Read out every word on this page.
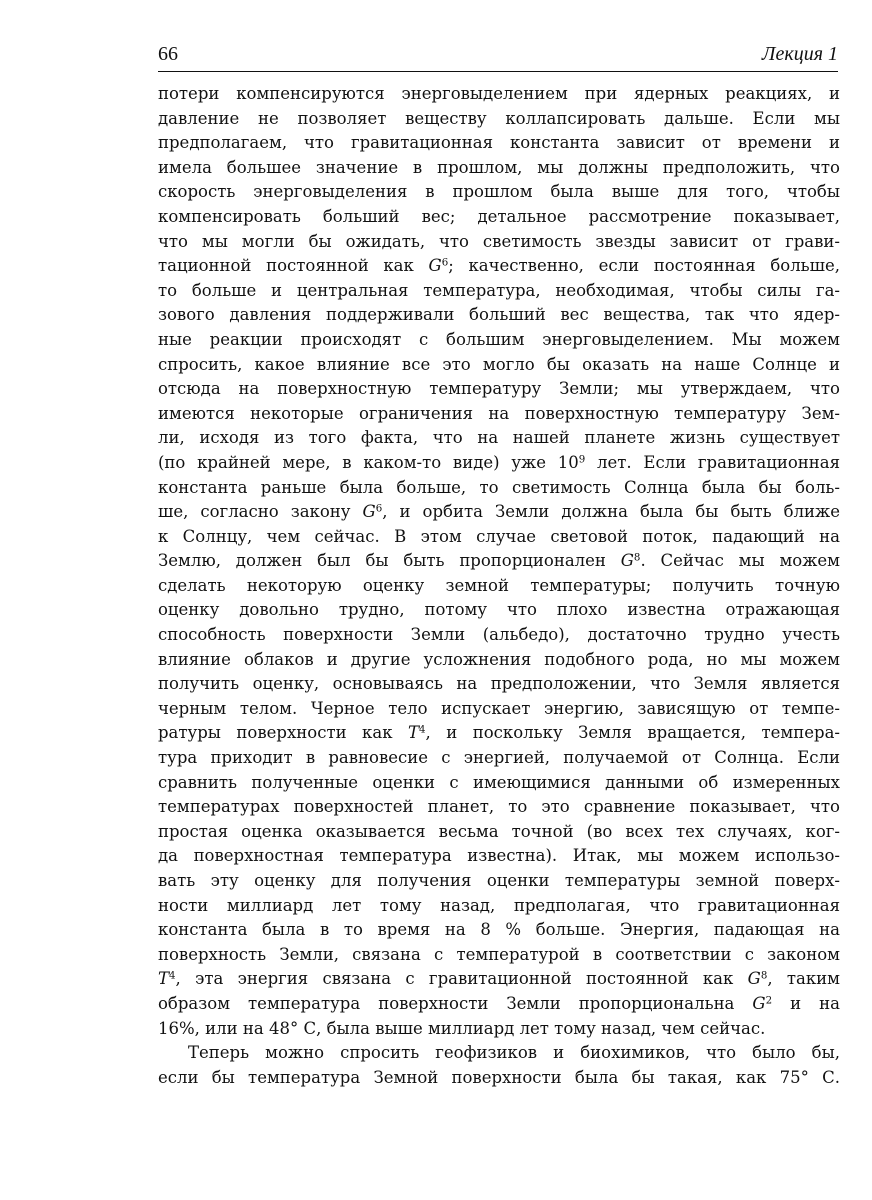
66	Лекция 1
потери компенсируются энерговыделением при ядерных реакциях, и
давление не позволяет веществу коллапсировать дальше. Если мы
предполагаем, что гравитационная константа зависит от времени и
имела большее значение в прошлом, мы должны предположить, что
скорость энерговыделения в прошлом была выше для того, чтобы
компенсировать больший вес; детальное рассмотрение показывает,
что мы могли бы ожидать, что светимость звезды зависит от грави-
тационной постоянной как $G^6$; качественно, если постоянная больше,
то больше и центральная температура, необходимая, чтобы силы га-
зового давления поддерживали больший вес вещества, так что ядер-
ные реакции происходят с большим энерговыделением. Мы можем
спросить, какое влияние все это могло бы оказать на наше Солнце и
отсюда на поверхностную температуру Земли; мы утверждаем, что
имеются некоторые ограничения на поверхностную температуру Зем-
ли, исходя из того факта, что на нашей планете жизнь существует
(по крайней мере, в каком-то виде) уже $10^9$ лет. Если гравитационная
константа раньше была больше, то светимость Солнца была бы боль-
ше, согласно закону $G^6$, и орбита Земли должна была бы быть ближе
к Солнцу, чем сейчас. В этом случае световой поток, падающий на
Землю, должен был бы быть пропорционален $G^8$. Сейчас мы можем
сделать некоторую оценку земной температуры; получить точную
оценку довольно трудно, потому что плохо известна отражающая
способность поверхности Земли (альбедо), достаточно трудно учесть
влияние облаков и другие усложнения подобного рода, но мы можем
получить оценку, основываясь на предположении, что Земля является
черным телом. Черное тело испускает энергию, зависящую от темпе-
ратуры поверхности как $T^4$, и поскольку Земля вращается, темпера-
тура приходит в равновесие с энергией, получаемой от Солнца. Если
сравнить полученные оценки с имеющимися данными об измеренных
температурах поверхностей планет, то это сравнение показывает, что
простая оценка оказывается весьма точной (во всех тех случаях, ког-
да поверхностная температура известна). Итак, мы можем использо-
вать эту оценку для получения оценки температуры земной поверх-
ности миллиард лет тому назад, предполагая, что гравитационная
константа была в то время на 8 % больше. Энергия, падающая на
поверхность Земли, связана с температурой в соответствии с законом
$T^4$, эта энергия связана с гравитационной постоянной как $G^8$, таким
образом температура поверхности Земли пропорциональна $G^2$ и на
16%, или на 48° С, была выше миллиард лет тому назад, чем сейчас.
Теперь можно спросить геофизиков и биохимиков, что было бы,
если бы температура Земной поверхности была бы такая, как 75° С.
